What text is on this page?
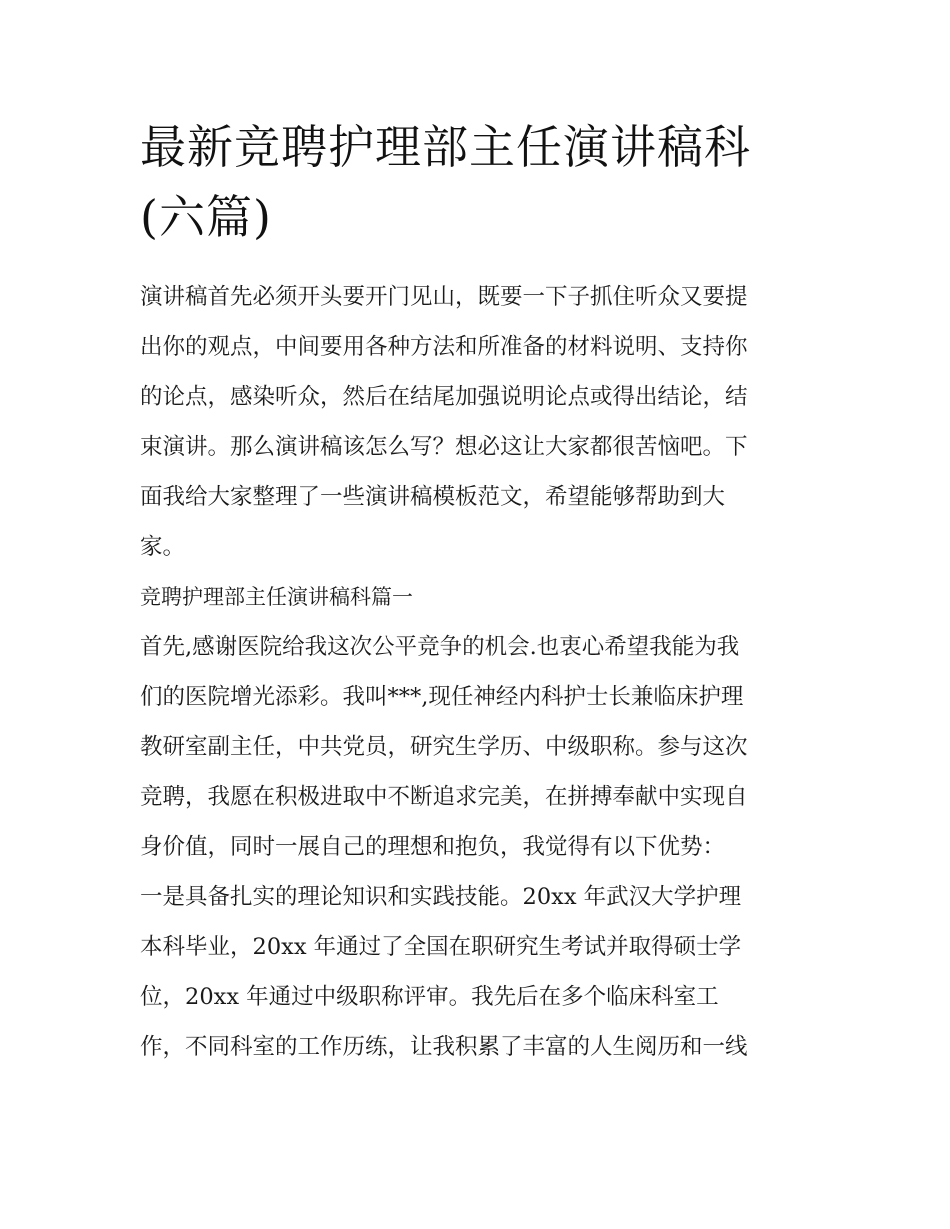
最新竞聘护理部主任演讲稿科
(六篇)
演讲稿首先必须开头要开门见山，既要一下子抓住听众又要提
出你的观点，中间要用各种方法和所准备的材料说明、支持你
的论点，感染听众，然后在结尾加强说明论点或得出结论，结
束演讲。那么演讲稿该怎么写？想必这让大家都很苦恼吧。下
面我给大家整理了一些演讲稿模板范文，希望能够帮助到大
家。
竞聘护理部主任演讲稿科篇一
首先,感谢医院给我这次公平竞争的机会.也衷心希望我能为我
们的医院增光添彩。我叫***,现任神经内科护士长兼临床护理
教研室副主任，中共党员，研究生学历、中级职称。参与这次
竞聘，我愿在积极进取中不断追求完美，在拼搏奉献中实现自
身价值，同时一展自己的理想和抱负，我觉得有以下优势：
一是具备扎实的理论知识和实践技能。20xx 年武汉大学护理
本科毕业，20xx 年通过了全国在职研究生考试并取得硕士学
位，20xx 年通过中级职称评审。我先后在多个临床科室工
作，不同科室的工作历练，让我积累了丰富的人生阅历和一线
